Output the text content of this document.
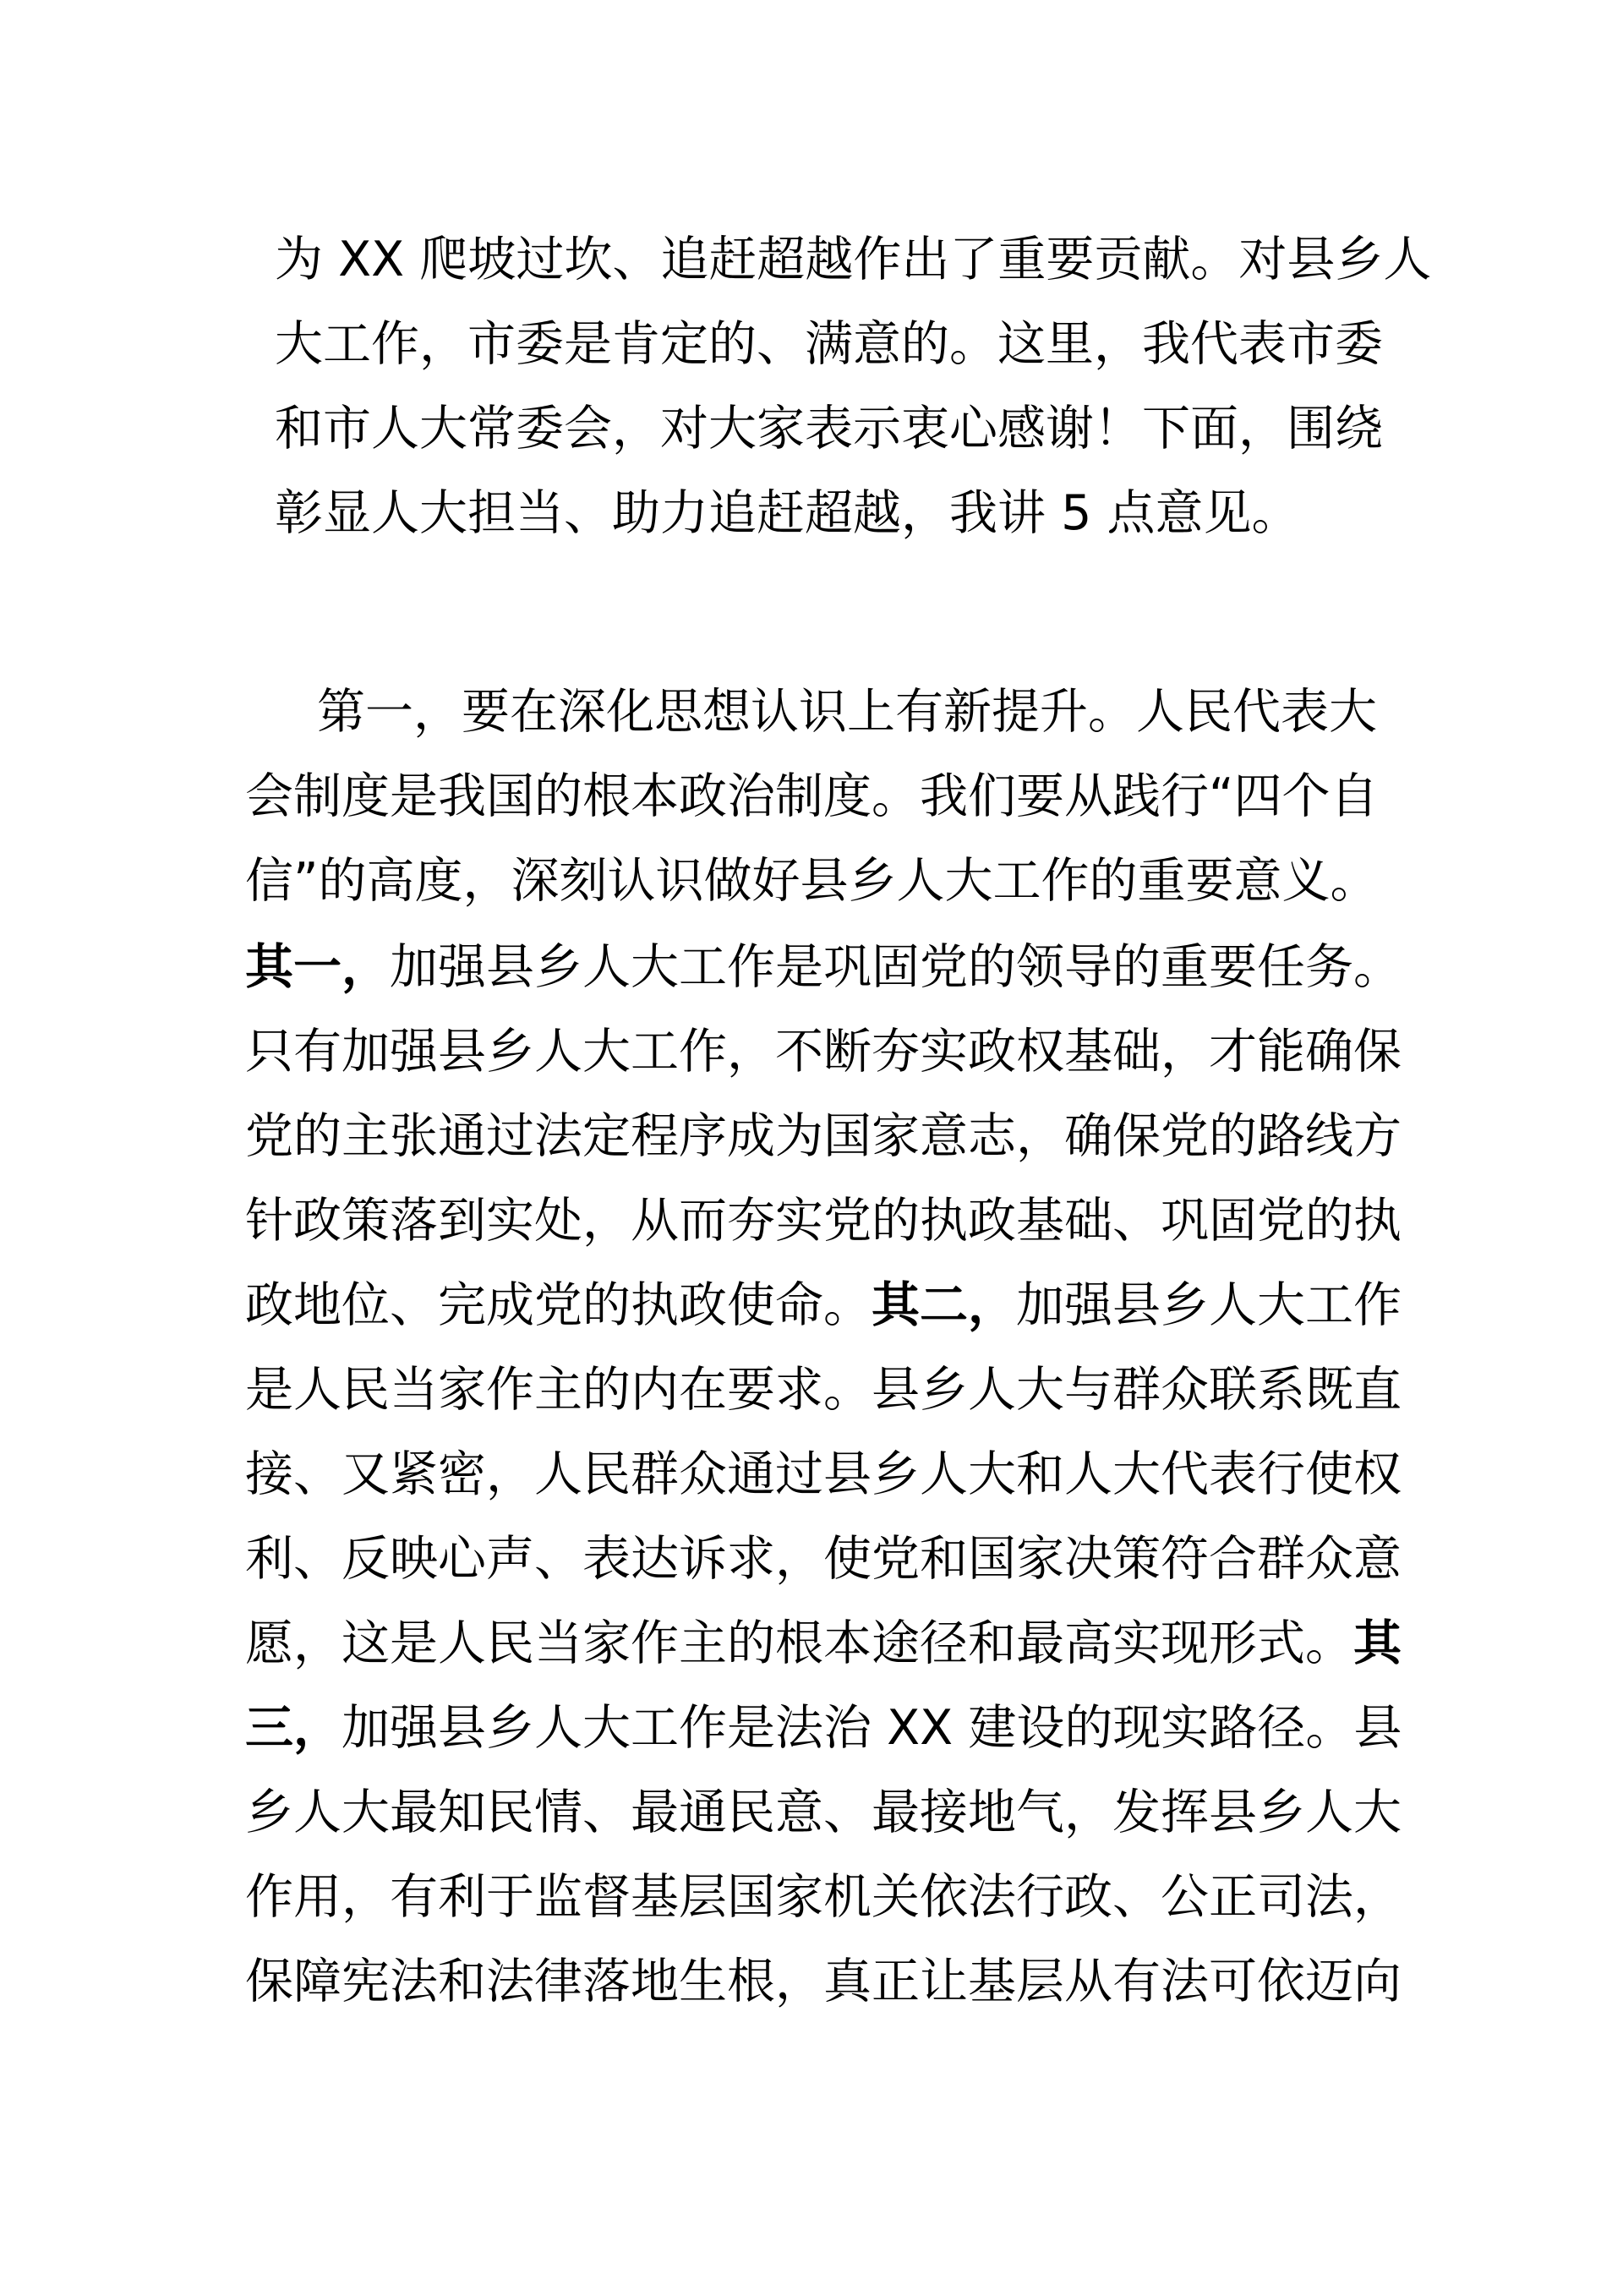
为 XX 爬坡过坎、追赶超越作出了重要贡献。对县乡人
大工作，市委是肯定的、满意的。这里，我代表市委
和市人大常委会，对大家表示衷心感谢！下面，围绕
彰显人大担当、助力追赶超越，我讲 5 点意见。
第一，要在深化思想认识上有新提升。人民代表大
会制度是我国的根本政治制度。我们要从践行“四个自
信”的高度，深刻认识做好县乡人大工作的重要意义。
其一，加强县乡人大工作是巩固党的领导的重要任务。
只有加强县乡人大工作，不断夯实政权基础，才能确保
党的主张通过法定程序成为国家意志，确保党的路线方
针政策落到实处，从而夯实党的执政基础、巩固党的执
政地位、完成党的执政使命。其二，加强县乡人大工作
是人民当家作主的内在要求。县乡人大与群众联系既直
接、又紧密，人民群众通过县乡人大和人大代表行使权
利、反映心声、表达诉求，使党和国家决策符合群众意
愿，这是人民当家作主的根本途径和最高实现形式。其
三，加强县乡人大工作是法治 XX 建设的现实路径。县
乡人大最知民情、最通民意、最接地气，发挥县乡人大
作用，有利于监督基层国家机关依法行政、公正司法，
保障宪法和法律落地生根，真正让基层从有法可依迈向
